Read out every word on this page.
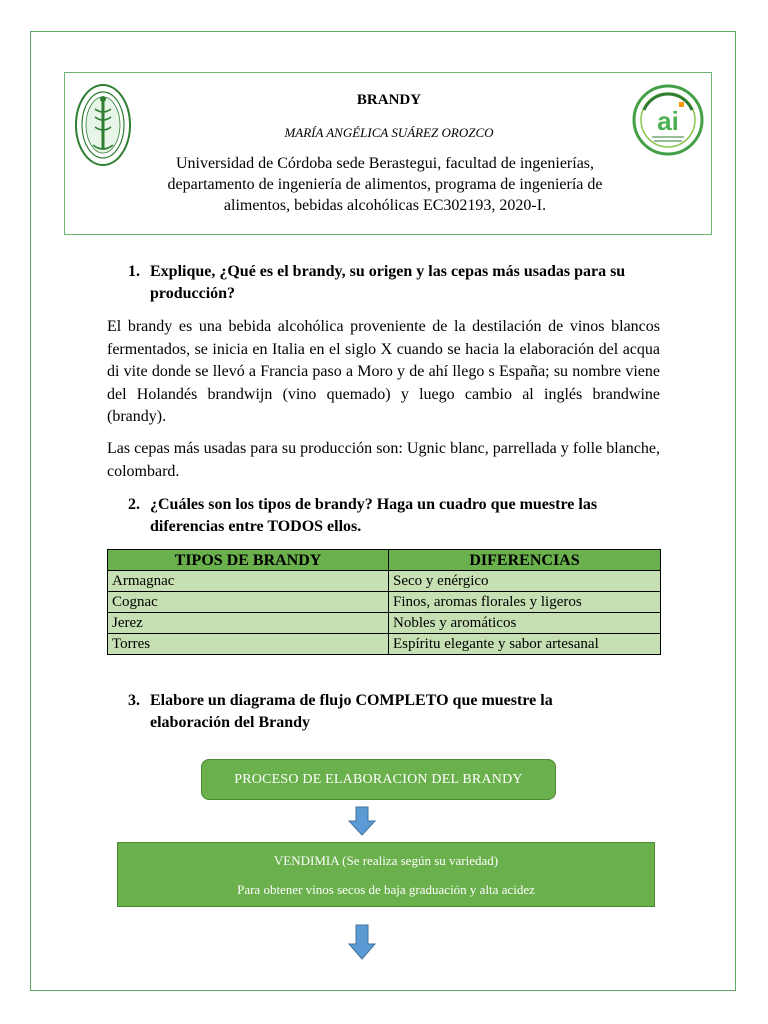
ai
BRANDY
MARÍA ANGÉLICA SUÁREZ OROZCO
Universidad de Córdoba sede Berastegui, facultad de ingenierías, departamento de ingeniería de alimentos, programa de ingeniería de alimentos, bebidas alcohólicas EC302193, 2020-I.
1. Explique, ¿Qué es el brandy, su origen y las cepas más usadas para su producción?
El brandy es una bebida alcohólica proveniente de la destilación de vinos blancos fermentados, se inicia en Italia en el siglo X cuando se hacia la elaboración del acqua di vite donde se llevó a Francia paso a Moro y de ahí llego s España; su nombre viene del Holandés brandwijn (vino quemado) y luego cambio al inglés brandwine (brandy).
Las cepas más usadas para su producción son: Ugnic blanc, parrellada y folle blanche, colombard.
2. ¿Cuáles son los tipos de brandy? Haga un cuadro que muestre las diferencias entre TODOS ellos.
TIPOS DE BRANDY	DIFERENCIAS
Armagnac	Seco y enérgico
Cognac	Finos, aromas florales y ligeros
Jerez	Nobles y aromáticos
Torres	Espíritu elegante y sabor artesanal
3. Elabore un diagrama de flujo COMPLETO que muestre la elaboración del Brandy
PROCESO DE ELABORACION DEL BRANDY
VENDIMIA (Se realiza según su variedad)
Para obtener vinos secos de baja graduación y alta acidez
